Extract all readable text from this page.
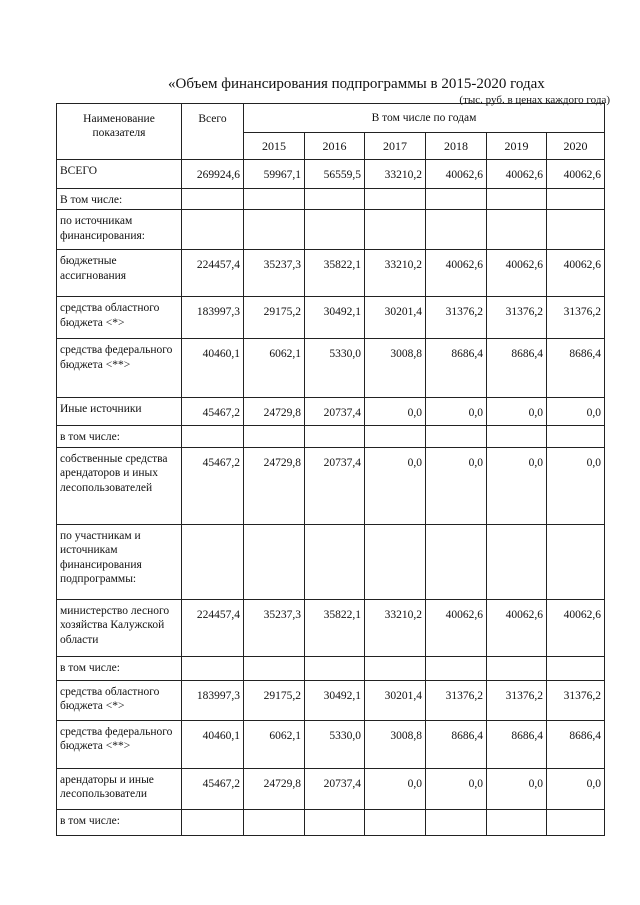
«Объем финансирования подпрограммы в 2015-2020 годах
(тыс. руб. в ценах каждого года)
Наименование показателя	Всего	В том числе по годам					
		2015	2016	2017	2018	2019	2020
ВСЕГО	269924,6	59967,1	56559,5	33210,2	40062,6	40062,6	40062,6
В том числе:							
по источникам финансирования:							
бюджетные ассигнования	224457,4	35237,3	35822,1	33210,2	40062,6	40062,6	40062,6
средства областного бюджета <*>	183997,3	29175,2	30492,1	30201,4	31376,2	31376,2	31376,2
средства федерального бюджета <**>	40460,1	6062,1	5330,0	3008,8	8686,4	8686,4	8686,4
Иные источники	45467,2	24729,8	20737,4	0,0	0,0	0,0	0,0
в том числе:							
собственные средства арендаторов и иных лесопользователей	45467,2	24729,8	20737,4	0,0	0,0	0,0	0,0
по участникам и источникам финансирования подпрограммы:							
министерство лесного хозяйства Калужской области	224457,4	35237,3	35822,1	33210,2	40062,6	40062,6	40062,6
в том числе:							
средства областного бюджета <*>	183997,3	29175,2	30492,1	30201,4	31376,2	31376,2	31376,2
средства федерального бюджета <**>	40460,1	6062,1	5330,0	3008,8	8686,4	8686,4	8686,4
арендаторы и иные лесопользователи	45467,2	24729,8	20737,4	0,0	0,0	0,0	0,0
в том числе:							
